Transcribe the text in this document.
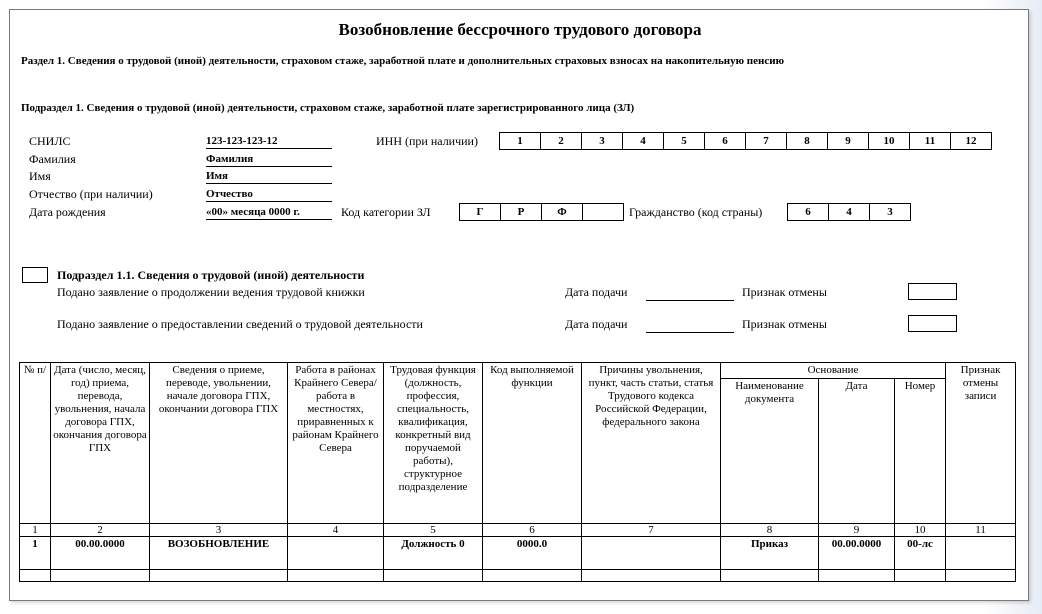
Возобновление бессрочного трудового договора
Раздел 1. Сведения о трудовой (иной) деятельности, страховом стаже, заработной плате и дополнительных страховых взносах на накопительную пенсию
Подраздел 1. Сведения о трудовой (иной) деятельности, страховом стаже, заработной плате зарегистрированного лица (ЗЛ)
СНИЛС	123-123-123-12
Фамилия	Фамилия
Имя	Имя
Отчество (при наличии)	Отчество
Дата рождения	«00» месяца 0000 г.
ИНН (при наличии)	1	2	3	4	5	6	7	8	9	10	11	12
Код категории ЗЛ	Г	Р	Ф	Гражданство (код страны)	6	4	3
Подраздел 1.1. Сведения о трудовой (иной) деятельности
Подано заявление о продолжении ведения трудовой книжки	Дата подачи	Признак отмены
Подано заявление о предоставлении сведений о трудовой деятельности	Дата подачи	Признак отмены
№ п/	Дата (число, месяц, год) приема, перевода, увольнения, начала договора ГПХ, окончания договора ГПХ	Сведения о приеме, переводе, увольнении, начале договора ГПХ, окончании договора ГПХ	Работа в районах Крайнего Севера/работа в местностях, приравненных к районам Крайнего Севера	Трудовая функция (должность, профессия, специальность, квалификация, конкретный вид поручаемой работы), структурное подразделение	Код выполняемой функции	Причины увольнения, пункт, часть статьи, статья Трудового кодекса Российской Федерации, федерального закона	Основание			Признак отмены записи
							Наименование документа	Дата	Номер	
1	2	3	4	5	6	7	8	9	10	11
1	00.00.0000	ВОЗОБНОВЛЕНИЕ		Должность 0	0000.0		Приказ	00.00.0000	00-лс	
